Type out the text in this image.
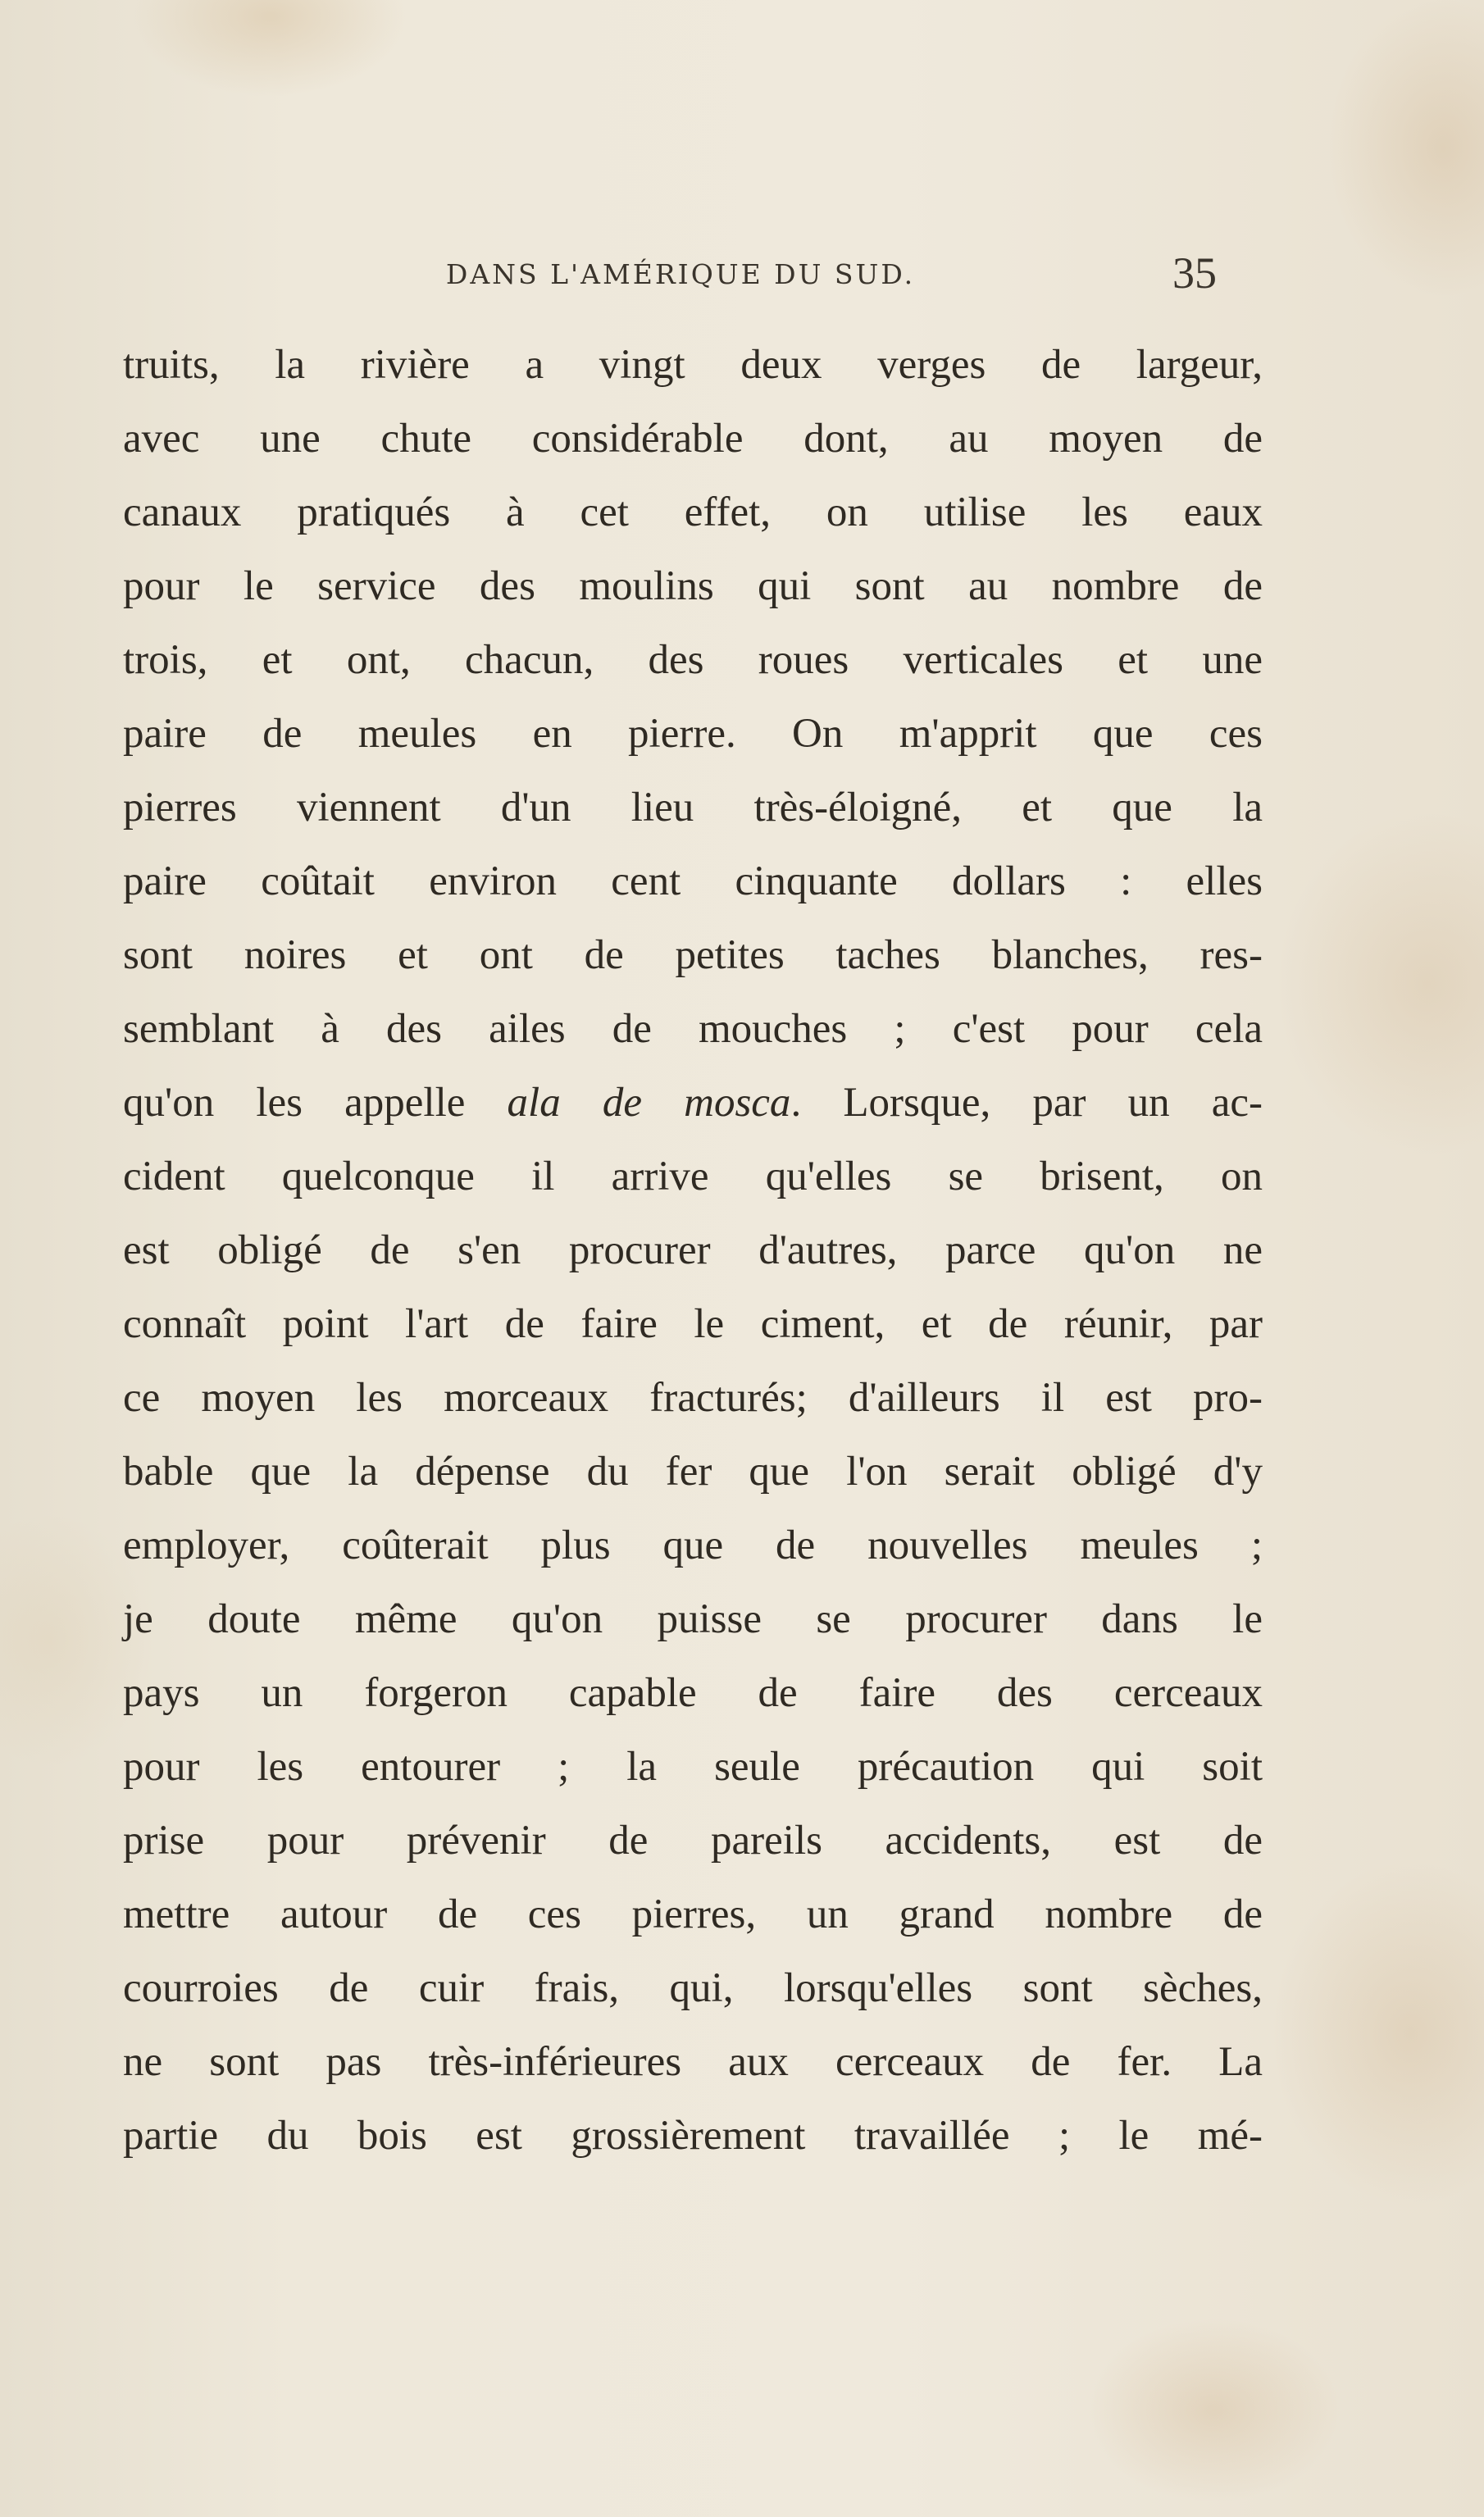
DANS L'AMÉRIQUE DU SUD.	35
truits, la rivière a vingt deux verges de largeur,
avec une chute considérable dont, au moyen de
canaux pratiqués à cet effet, on utilise les eaux
pour le service des moulins qui sont au nombre de
trois, et ont, chacun, des roues verticales et une
paire de meules en pierre. On m'apprit que ces
pierres viennent d'un lieu très-éloigné, et que la
paire coûtait environ cent cinquante dollars : elles
sont noires et ont de petites taches blanches, res-
semblant à des ailes de mouches ; c'est pour cela
qu'on les appelle ala de mosca. Lorsque, par un ac-
cident quelconque il arrive qu'elles se brisent, on
est obligé de s'en procurer d'autres, parce qu'on ne
connaît point l'art de faire le ciment, et de réunir, par
ce moyen les morceaux fracturés; d'ailleurs il est pro-
bable que la dépense du fer que l'on serait obligé d'y
employer, coûterait plus que de nouvelles meules ;
je doute même qu'on puisse se procurer dans le
pays un forgeron capable de faire des cerceaux
pour les entourer ; la seule précaution qui soit
prise pour prévenir de pareils accidents, est de
mettre autour de ces pierres, un grand nombre de
courroies de cuir frais, qui, lorsqu'elles sont sèches,
ne sont pas très-inférieures aux cerceaux de fer. La
partie du bois est grossièrement travaillée ; le mé-
